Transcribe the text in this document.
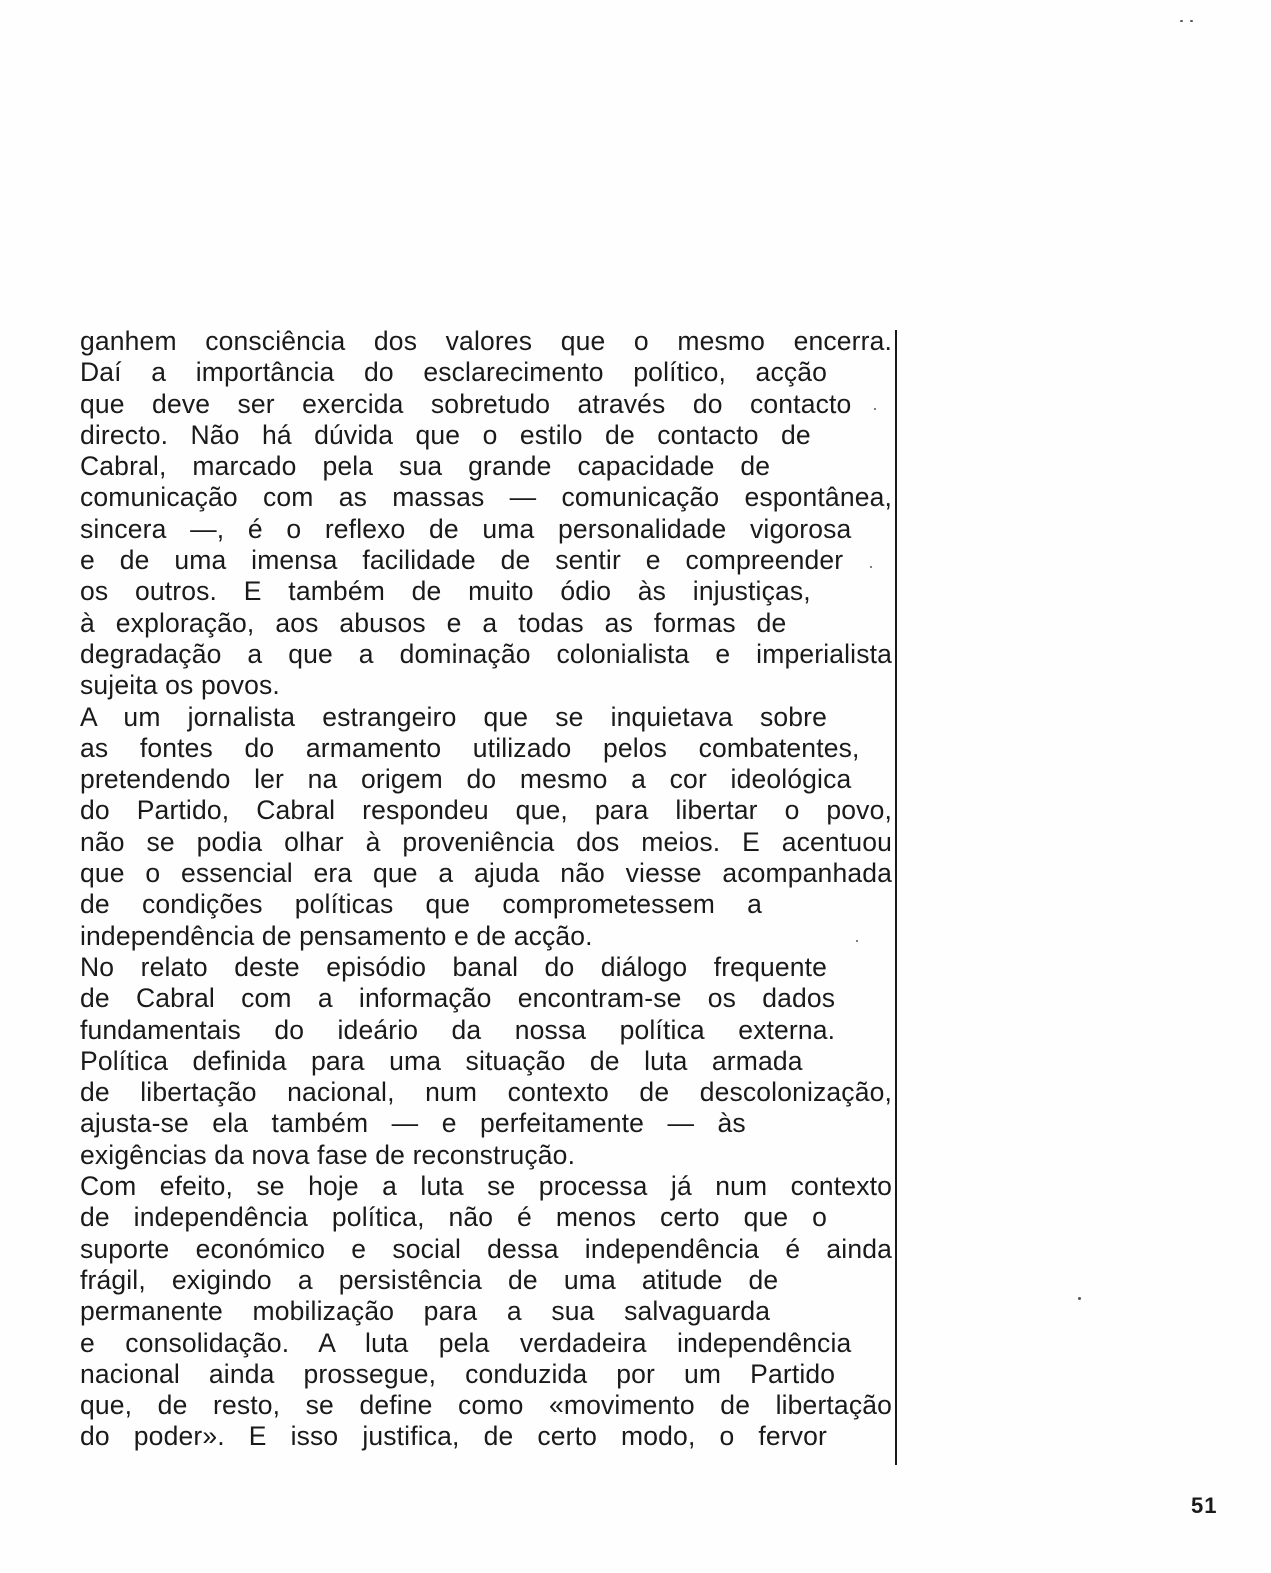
ganhem consciência dos valores que o mesmo encerra.
Daí a importância do esclarecimento político, acção
que deve ser exercida sobretudo através do contacto
directo. Não há dúvida que o estilo de contacto de
Cabral, marcado pela sua grande capacidade de
comunicação com as massas — comunicação espontânea,
sincera —, é o reflexo de uma personalidade vigorosa
e de uma imensa facilidade de sentir e compreender
os outros. E também de muito ódio às injustiças,
à exploração, aos abusos e a todas as formas de
degradação a que a dominação colonialista e imperialista
sujeita os povos.
A um jornalista estrangeiro que se inquietava sobre
as fontes do armamento utilizado pelos combatentes,
pretendendo ler na origem do mesmo a cor ideológica
do Partido, Cabral respondeu que, para libertar o povo,
não se podia olhar à proveniência dos meios. E acentuou
que o essencial era que a ajuda não viesse acompanhada
de condições políticas que comprometessem a
independência de pensamento e de acção.
No relato deste episódio banal do diálogo frequente
de Cabral com a informação encontram-se os dados
fundamentais do ideário da nossa política externa.
Política definida para uma situação de luta armada
de libertação nacional, num contexto de descolonização,
ajusta-se ela também — e perfeitamente — às
exigências da nova fase de reconstrução.
Com efeito, se hoje a luta se processa já num contexto
de independência política, não é menos certo que o
suporte económico e social dessa independência é ainda
frágil, exigindo a persistência de uma atitude de
permanente mobilização para a sua salvaguarda
e consolidação. A luta pela verdadeira independência
nacional ainda prossegue, conduzida por um Partido
que, de resto, se define como «movimento de libertação
do poder». E isso justifica, de certo modo, o fervor
51
